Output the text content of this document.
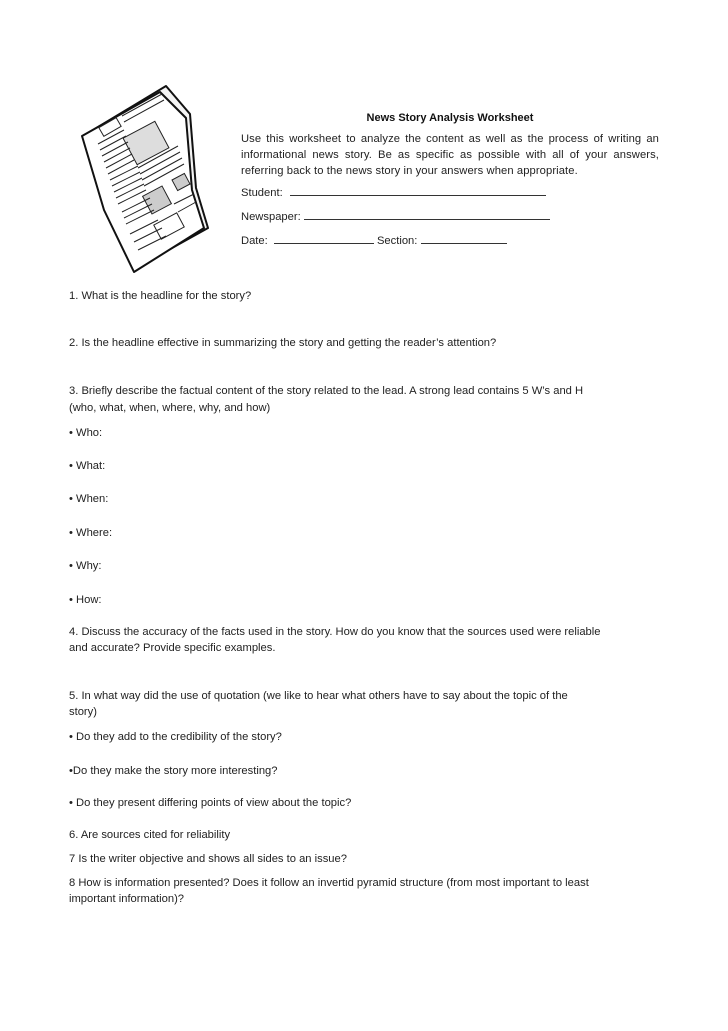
News Story Analysis Worksheet

Use this worksheet to analyze the content as well as the process of writing an informational news story. Be as specific as possible with all of your answers, referring back to the news story in your answers when appropriate.

Student:

Newspaper:

Date:	Section:

1. What is the headline for the story?

2. Is the headline effective in summarizing the story and getting the reader’s attention?

3. Briefly describe the factual content of the story related to the lead. A strong lead contains 5 W’s and H

(who, what, when, where, why, and how)

• Who:

• What:

• When:

• Where:

• Why:

• How:

4. Discuss the accuracy of the facts used in the story. How do you know that the sources used were reliable

and accurate? Provide specific examples.

5. In what way did the use of quotation (we like to hear what others have to say about the topic of the

story)

• Do they add to the credibility of the story?

•Do they make the story more interesting?

• Do they present differing points of view about the topic?

6. Are sources cited for reliability

7 Is the writer objective and shows all sides to an issue?

8 How is information presented? Does it follow an invertid pyramid structure (from most important to least

important information)?
